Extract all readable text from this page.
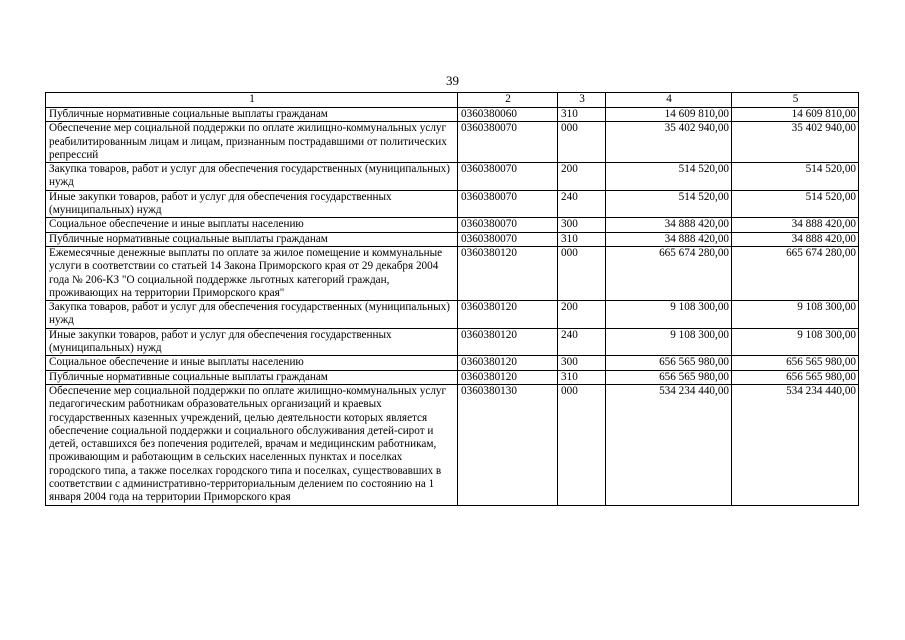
39
1	2	3	4	5
Публичные нормативные социальные выплаты гражданам	0360380060	310	14 609 810,00	14 609 810,00
Обеспечение мер социальной поддержки по оплате жилищно-коммунальных услуг реабилитированным лицам и лицам, признанным пострадавшими от политических репрессий	0360380070	000	35 402 940,00	35 402 940,00
Закупка товаров, работ и услуг для обеспечения государственных (муниципальных) нужд	0360380070	200	514 520,00	514 520,00
Иные закупки товаров, работ и услуг для обеспечения государственных (муниципальных) нужд	0360380070	240	514 520,00	514 520,00
Социальное обеспечение и иные выплаты населению	0360380070	300	34 888 420,00	34 888 420,00
Публичные нормативные социальные выплаты гражданам	0360380070	310	34 888 420,00	34 888 420,00
Ежемесячные денежные выплаты по оплате за жилое помещение и коммунальные услуги в соответствии со статьей 14 Закона Приморского края от 29 декабря 2004 года № 206-КЗ "О социальной поддержке льготных категорий граждан, проживающих на территории Приморского края"	0360380120	000	665 674 280,00	665 674 280,00
Закупка товаров, работ и услуг для обеспечения государственных (муниципальных) нужд	0360380120	200	9 108 300,00	9 108 300,00
Иные закупки товаров, работ и услуг для обеспечения государственных (муниципальных) нужд	0360380120	240	9 108 300,00	9 108 300,00
Социальное обеспечение и иные выплаты населению	0360380120	300	656 565 980,00	656 565 980,00
Публичные нормативные социальные выплаты гражданам	0360380120	310	656 565 980,00	656 565 980,00
Обеспечение мер социальной поддержки по оплате жилищно-коммунальных услуг педагогическим работникам образовательных организаций и краевых государственных казенных учреждений, целью деятельности которых является обеспечение социальной поддержки и социального обслуживания детей-сирот и детей, оставшихся без попечения родителей, врачам и медицинским работникам, проживающим и работающим в сельских населенных пунктах и поселках городского типа, а также поселках городского типа и поселках, существовавших в соответствии с административно-территориальным делением по состоянию на 1 января 2004 года на территории Приморского края	0360380130	000	534 234 440,00	534 234 440,00
